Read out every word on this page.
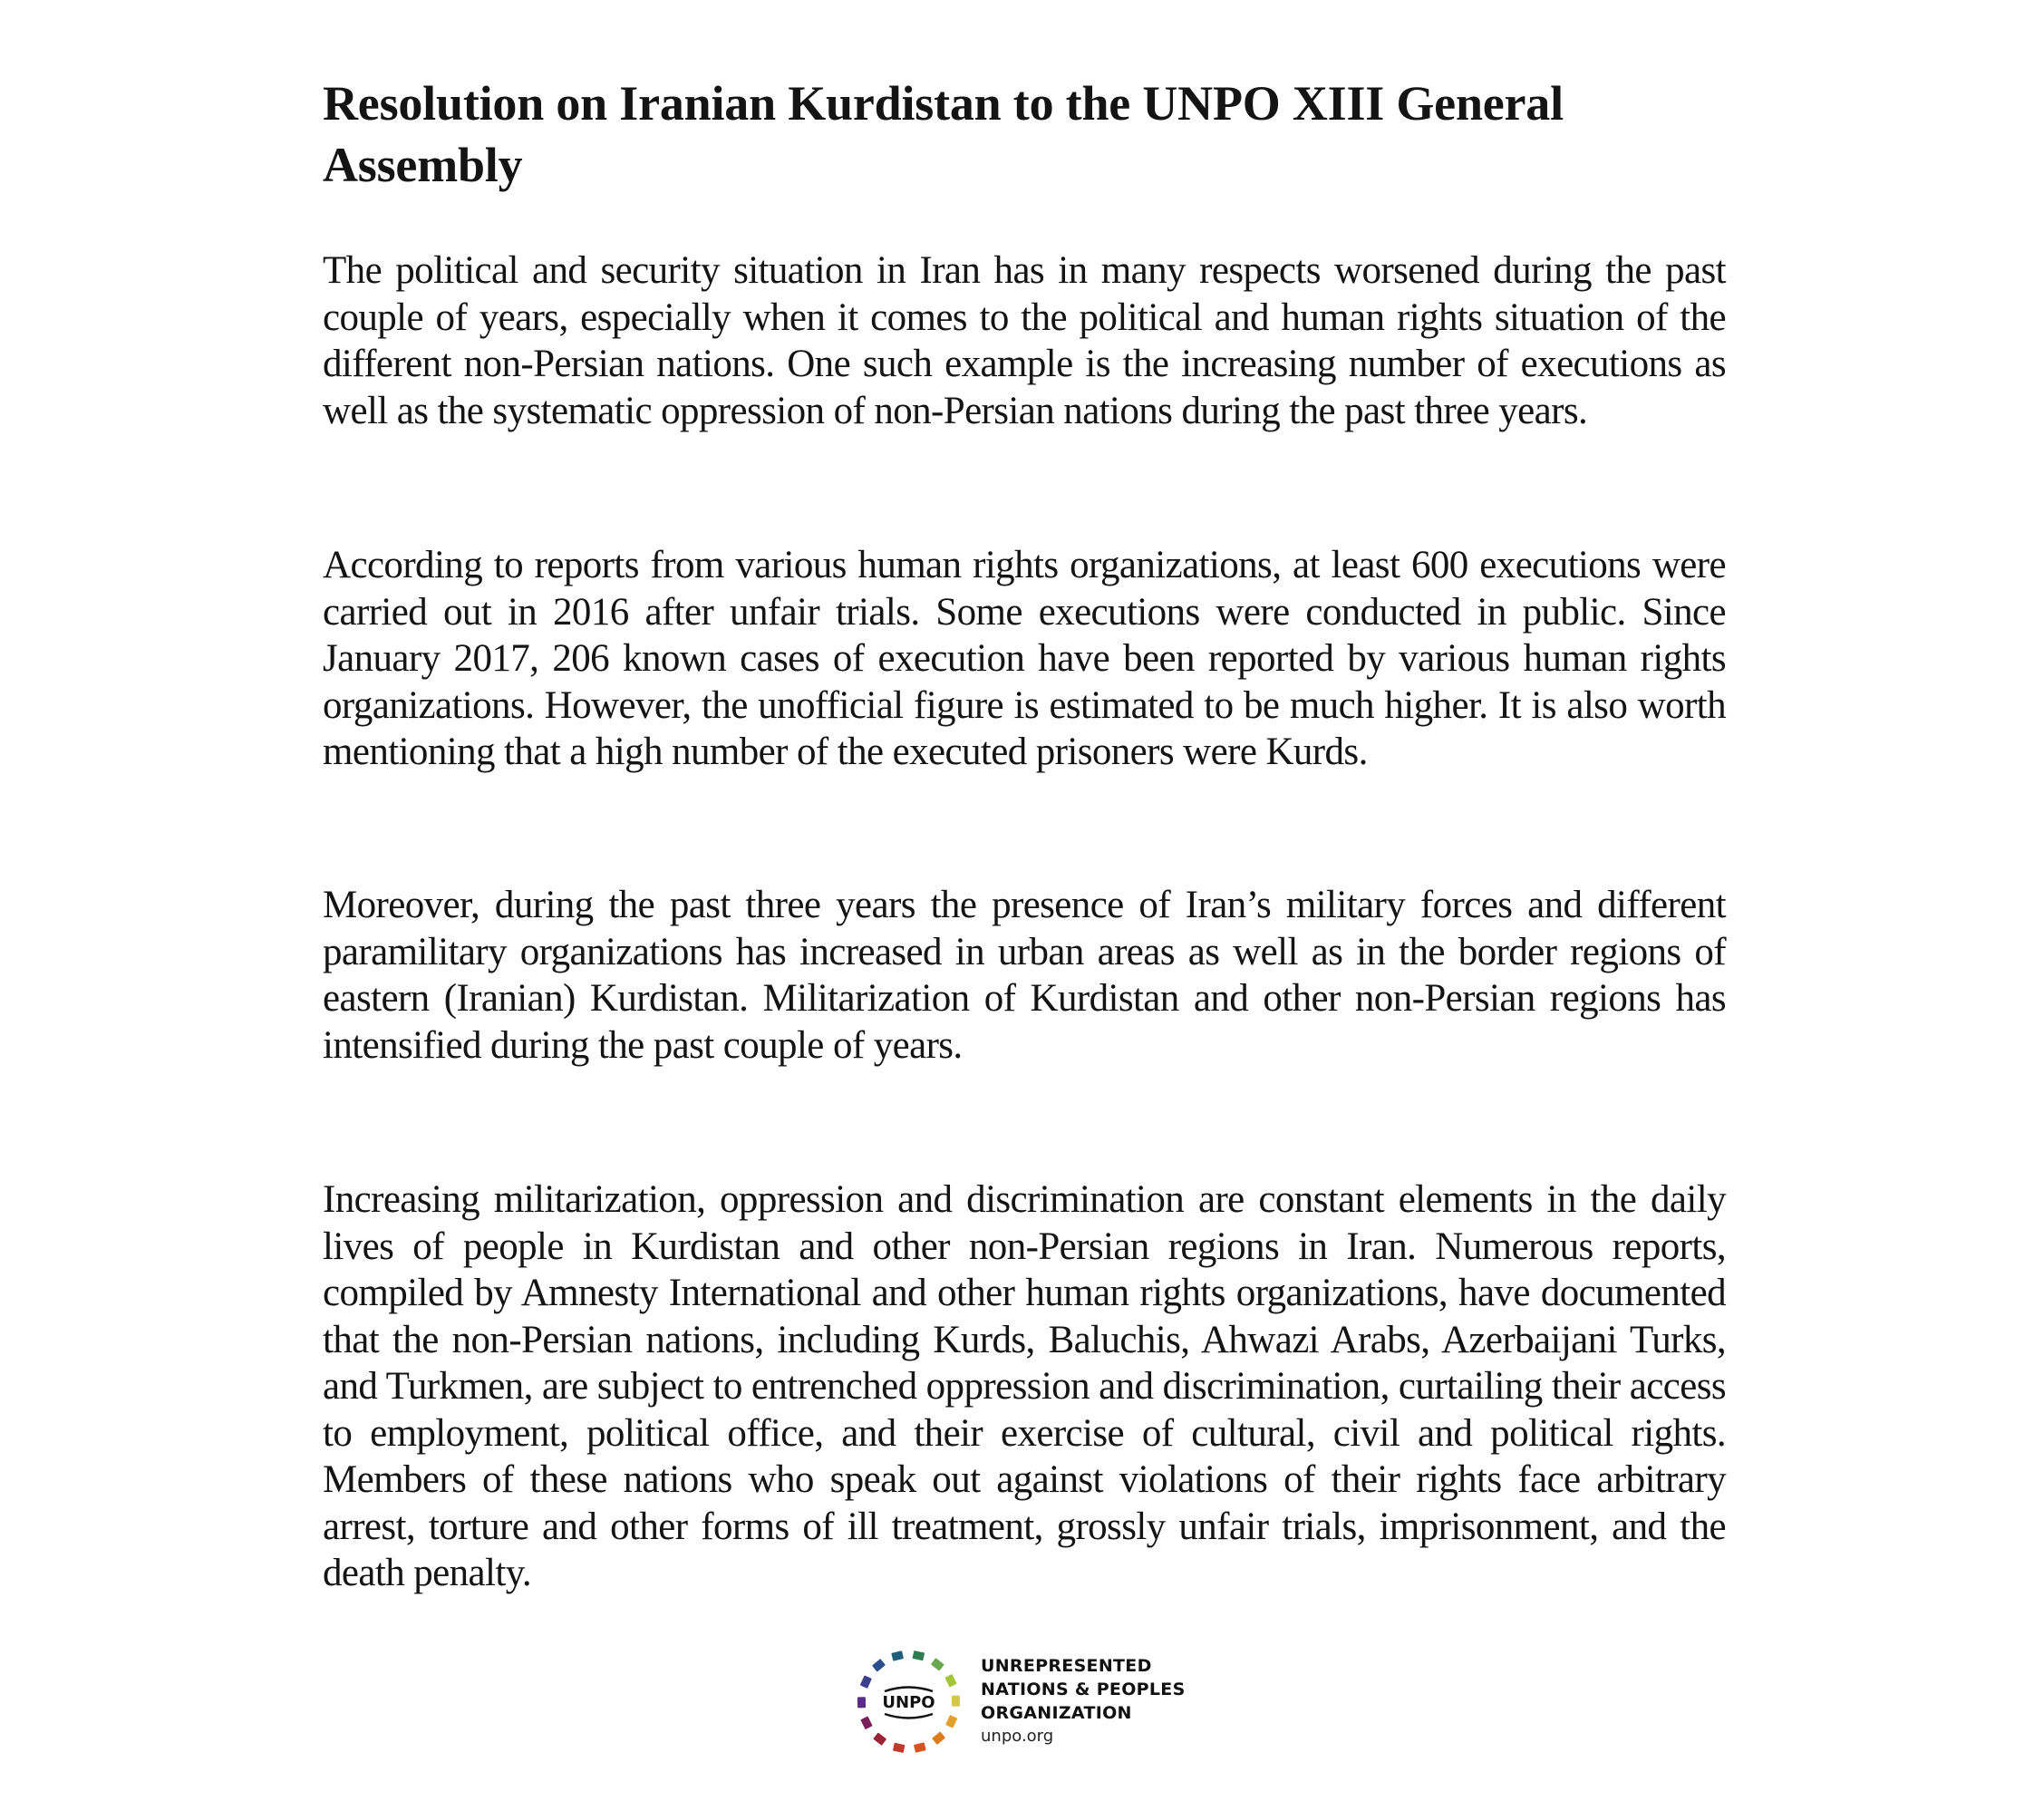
Resolution on Iranian Kurdistan to the UNPO XIII General Assembly

The political and security situation in Iran has in many respects worsened during the past couple of years, especially when it comes to the political and human rights situation of the different non-Persian nations. One such example is the increasing number of executions as well as the systematic oppression of non-Persian nations during the past three years.

According to reports from various human rights organizations, at least 600 executions were carried out in 2016 after unfair trials. Some executions were conducted in public. Since January 2017, 206 known cases of execution have been reported by various human rights organizations. However, the unofficial figure is estimated to be much higher. It is also worth mentioning that a high number of the executed prisoners were Kurds.

Moreover, during the past three years the presence of Iran’s military forces and different paramilitary organizations has increased in urban areas as well as in the border regions of eastern (Iranian) Kurdistan. Militarization of Kurdistan and other non-Persian regions has intensified during the past couple of years.

Increasing militarization, oppression and discrimination are constant elements in the daily lives of people in Kurdistan and other non-Persian regions in Iran. Numerous reports, compiled by Amnesty International and other human rights organizations, have documented that the non-Persian nations, including Kurds, Baluchis, Ahwazi Arabs, Azerbaijani Turks, and Turkmen, are subject to entrenched oppression and discrimination, curtailing their access to employment, political office, and their exercise of cultural, civil and political rights. Members of these nations who speak out against violations of their rights face arbitrary arrest, torture and other forms of ill treatment, grossly unfair trials, imprisonment, and the death penalty.

UNPO
UNREPRESENTED
NATIONS & PEOPLES
ORGANIZATION
unpo.org
